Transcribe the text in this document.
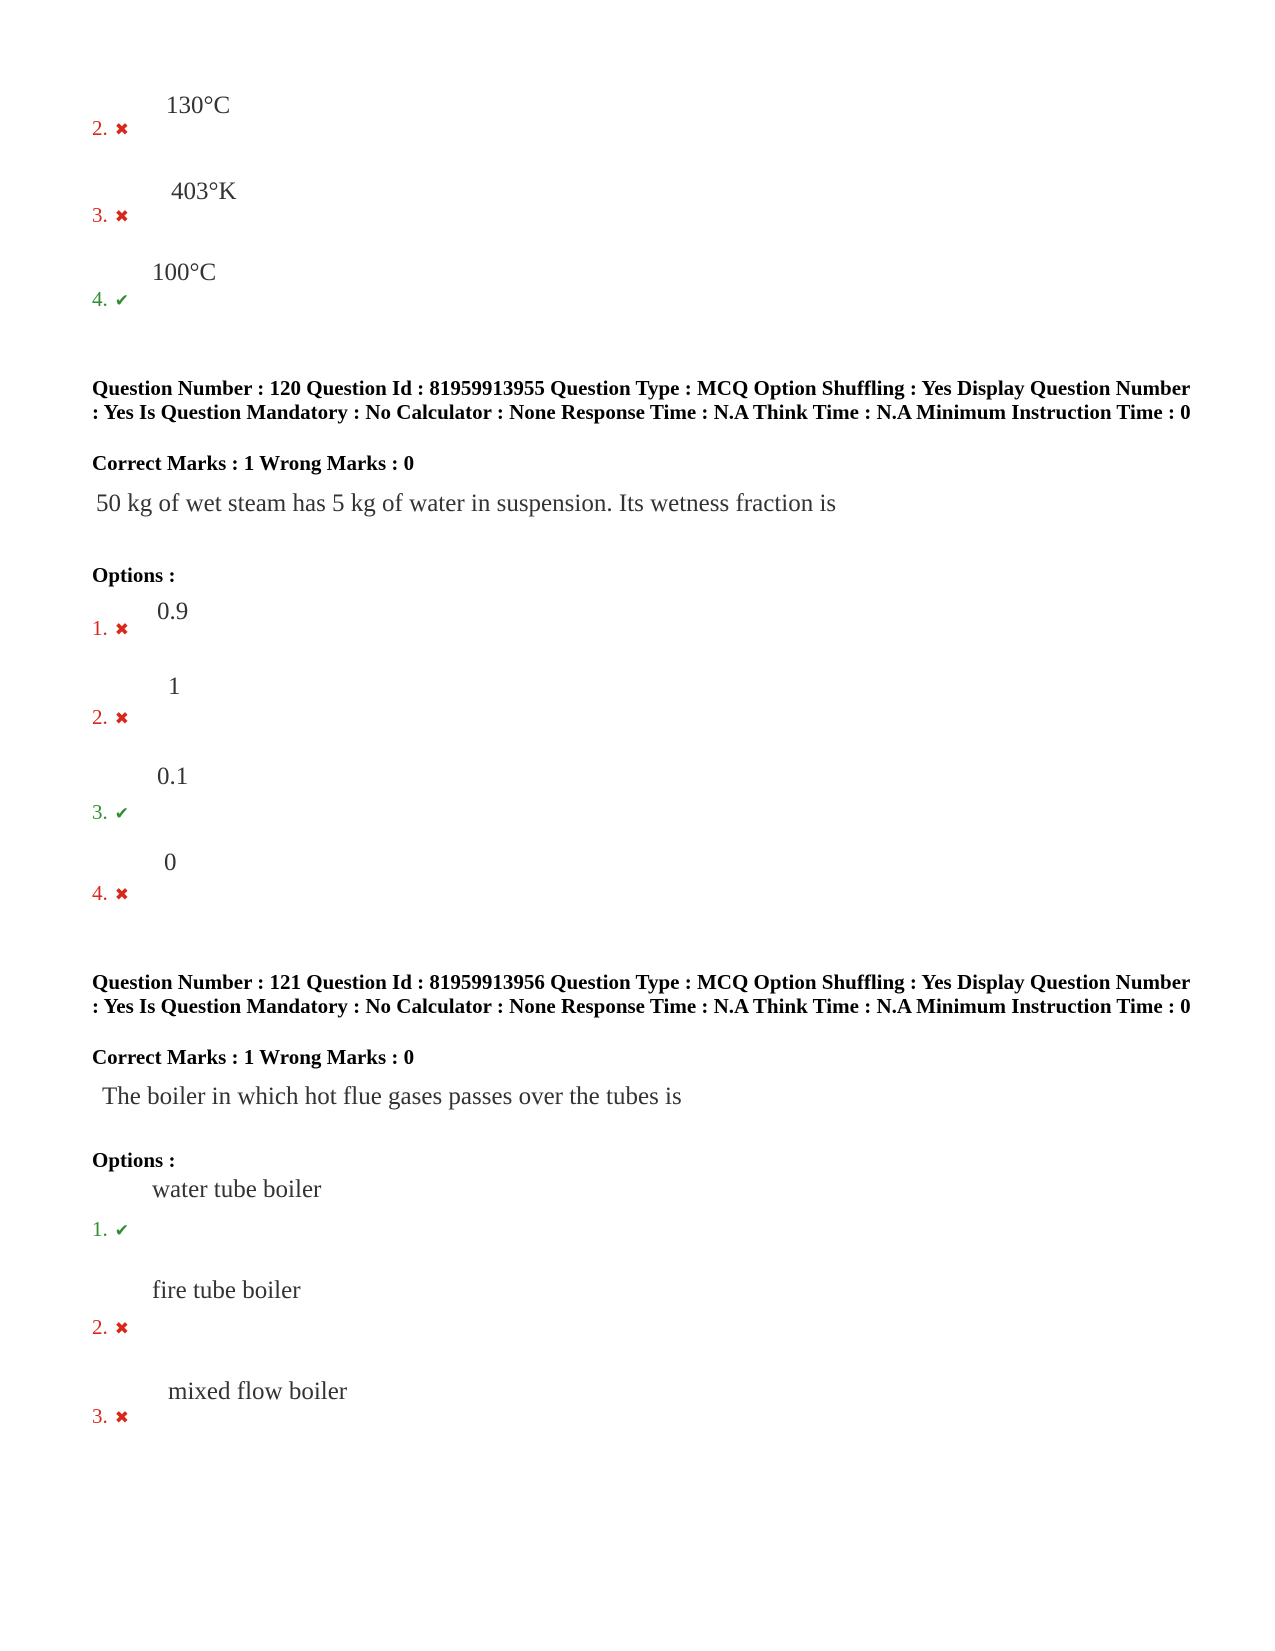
130°C
2. ✖
403°K
3. ✖
100°C
4. ✔
Question Number : 120 Question Id : 81959913955 Question Type : MCQ Option Shuffling : Yes Display Question Number : Yes Is Question Mandatory : No Calculator : None Response Time : N.A Think Time : N.A Minimum Instruction Time : 0
Correct Marks : 1 Wrong Marks : 0
50 kg of wet steam has 5 kg of water in suspension. Its wetness fraction is
Options :
0.9
1. ✖
1
2. ✖
0.1
3. ✔
0
4. ✖
Question Number : 121 Question Id : 81959913956 Question Type : MCQ Option Shuffling : Yes Display Question Number : Yes Is Question Mandatory : No Calculator : None Response Time : N.A Think Time : N.A Minimum Instruction Time : 0
Correct Marks : 1 Wrong Marks : 0
The boiler in which hot flue gases passes over the tubes is
Options :
water tube boiler
1. ✔
fire tube boiler
2. ✖
mixed flow boiler
3. ✖
